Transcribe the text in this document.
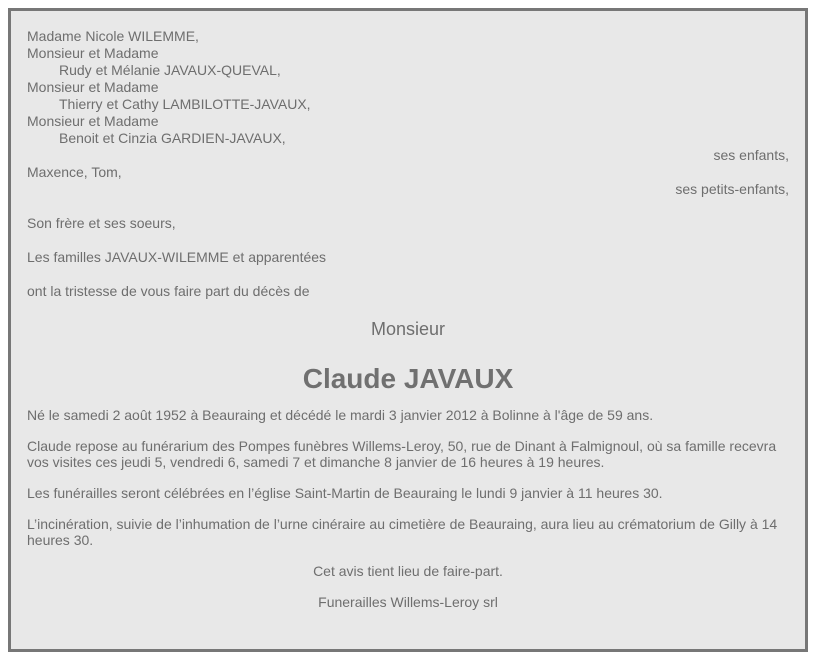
Madame Nicole WILEMME,
Monsieur et Madame
Rudy et Mélanie JAVAUX-QUEVAL,
Monsieur et Madame
Thierry et Cathy LAMBILOTTE-JAVAUX,
Monsieur et Madame
Benoit et Cinzia GARDIEN-JAVAUX,
ses enfants,
Maxence, Tom,
ses petits-enfants,
Son frère et ses soeurs,
Les familles JAVAUX-WILEMME et apparentées
ont la tristesse de vous faire part du décès de
Monsieur
Claude JAVAUX
Né le samedi 2 août 1952 à Beauraing et décédé le mardi 3 janvier 2012 à Bolinne à l'âge de 59 ans.
Claude repose au funérarium des Pompes funèbres Willems-Leroy, 50, rue de Dinant à Falmignoul, où sa famille recevra vos visites ces jeudi 5, vendredi 6, samedi 7 et dimanche 8 janvier de 16 heures à 19 heures.
Les funérailles seront célébrées en l’église Saint-Martin de Beauraing le lundi 9 janvier à 11 heures 30.
L’incinération, suivie de l’inhumation de l’urne cinéraire au cimetière de Beauraing, aura lieu au crématorium de Gilly à 14 heures 30.
Cet avis tient lieu de faire-part.
Funerailles Willems-Leroy srl
